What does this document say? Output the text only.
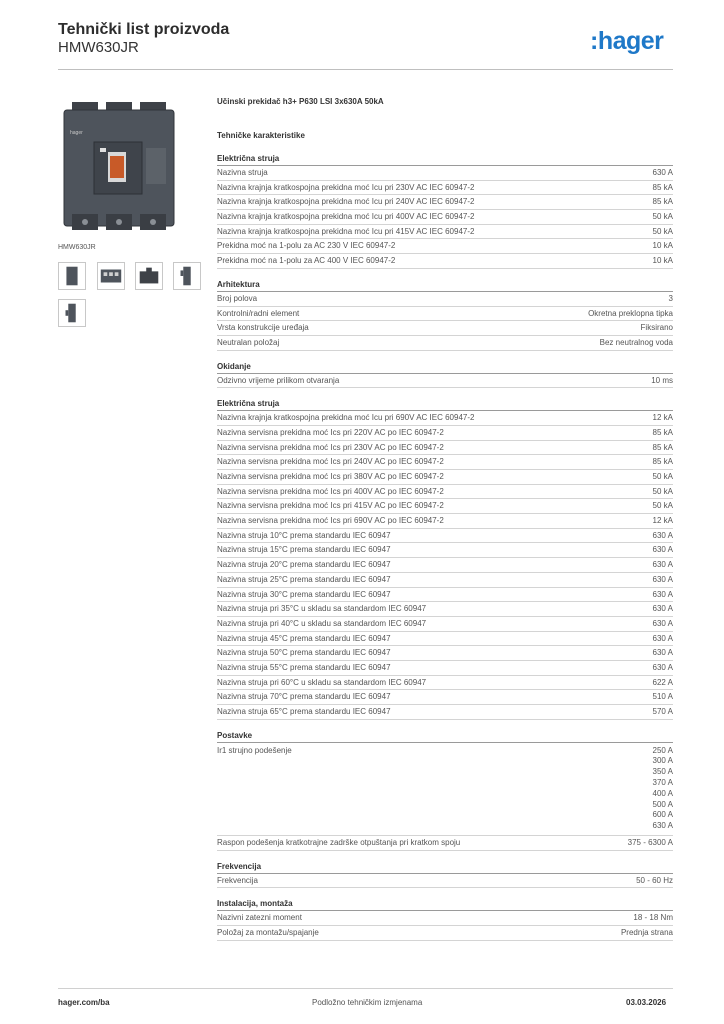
Tehnički list proizvoda
HMW630JR	:hager
hager
HMW630JR
Učinski prekidač h3+ P630 LSI 3x630A 50kA
Tehničke karakteristike
Električna struja
Nazivna struja	630 A
Nazivna krajnja kratkospojna prekidna moć Icu pri 230V AC IEC 60947-2	85 kA
Nazivna krajnja kratkospojna prekidna moć Icu pri 240V AC IEC 60947-2	85 kA
Nazivna krajnja kratkospojna prekidna moć Icu pri 400V AC IEC 60947-2	50 kA
Nazivna krajnja kratkospojna prekidna moć Icu pri 415V AC IEC 60947-2	50 kA
Prekidna moć na 1-polu za AC 230 V IEC 60947-2	10 kA
Prekidna moć na 1-polu za AC 400 V IEC 60947-2	10 kA
Arhitektura
Broj polova	3
Kontrolni/radni element	Okretna preklopna tipka
Vrsta konstrukcije uređaja	Fiksirano
Neutralan položaj	Bez neutralnog voda
Okidanje
Odzivno vrijeme prilikom otvaranja	10 ms
Električna struja
Nazivna krajnja kratkospojna prekidna moć Icu pri 690V AC IEC 60947-2	12 kA
Nazivna servisna prekidna moć Ics pri 220V AC po IEC 60947-2	85 kA
Nazivna servisna prekidna moć Ics pri 230V AC po IEC 60947-2	85 kA
Nazivna servisna prekidna moć Ics pri 240V AC po IEC 60947-2	85 kA
Nazivna servisna prekidna moć Ics pri 380V AC po IEC 60947-2	50 kA
Nazivna servisna prekidna moć Ics pri 400V AC po IEC 60947-2	50 kA
Nazivna servisna prekidna moć Ics pri 415V AC po IEC 60947-2	50 kA
Nazivna servisna prekidna moć Ics pri 690V AC po IEC 60947-2	12 kA
Nazivna struja 10°C prema standardu IEC 60947	630 A
Nazivna struja 15°C prema standardu IEC 60947	630 A
Nazivna struja 20°C prema standardu IEC 60947	630 A
Nazivna struja 25°C prema standardu IEC 60947	630 A
Nazivna struja 30°C prema standardu IEC 60947	630 A
Nazivna struja pri 35°C u skladu sa standardom IEC 60947	630 A
Nazivna struja pri 40°C u skladu sa standardom IEC 60947	630 A
Nazivna struja 45°C prema standardu IEC 60947	630 A
Nazivna struja 50°C prema standardu IEC 60947	630 A
Nazivna struja 55°C prema standardu IEC 60947	630 A
Nazivna struja pri 60°C u skladu sa standardom IEC 60947	622 A
Nazivna struja 70°C prema standardu IEC 60947	510 A
Nazivna struja 65°C prema standardu IEC 60947	570 A
Postavke
Ir1 strujno podešenje	250 A
300 A
350 A
370 A
400 A
500 A
600 A
630 A
Raspon podešenja kratkotrajne zadrške otpuštanja pri kratkom spoju	375 - 6300 A
Frekvencija
Frekvencija	50 - 60 Hz
Instalacija, montaža
Nazivni zatezni moment	18 - 18 Nm
Položaj za montažu/spajanje	Prednja strana
hager.com/ba	Podložno tehničkim izmjenama	03.03.2026
